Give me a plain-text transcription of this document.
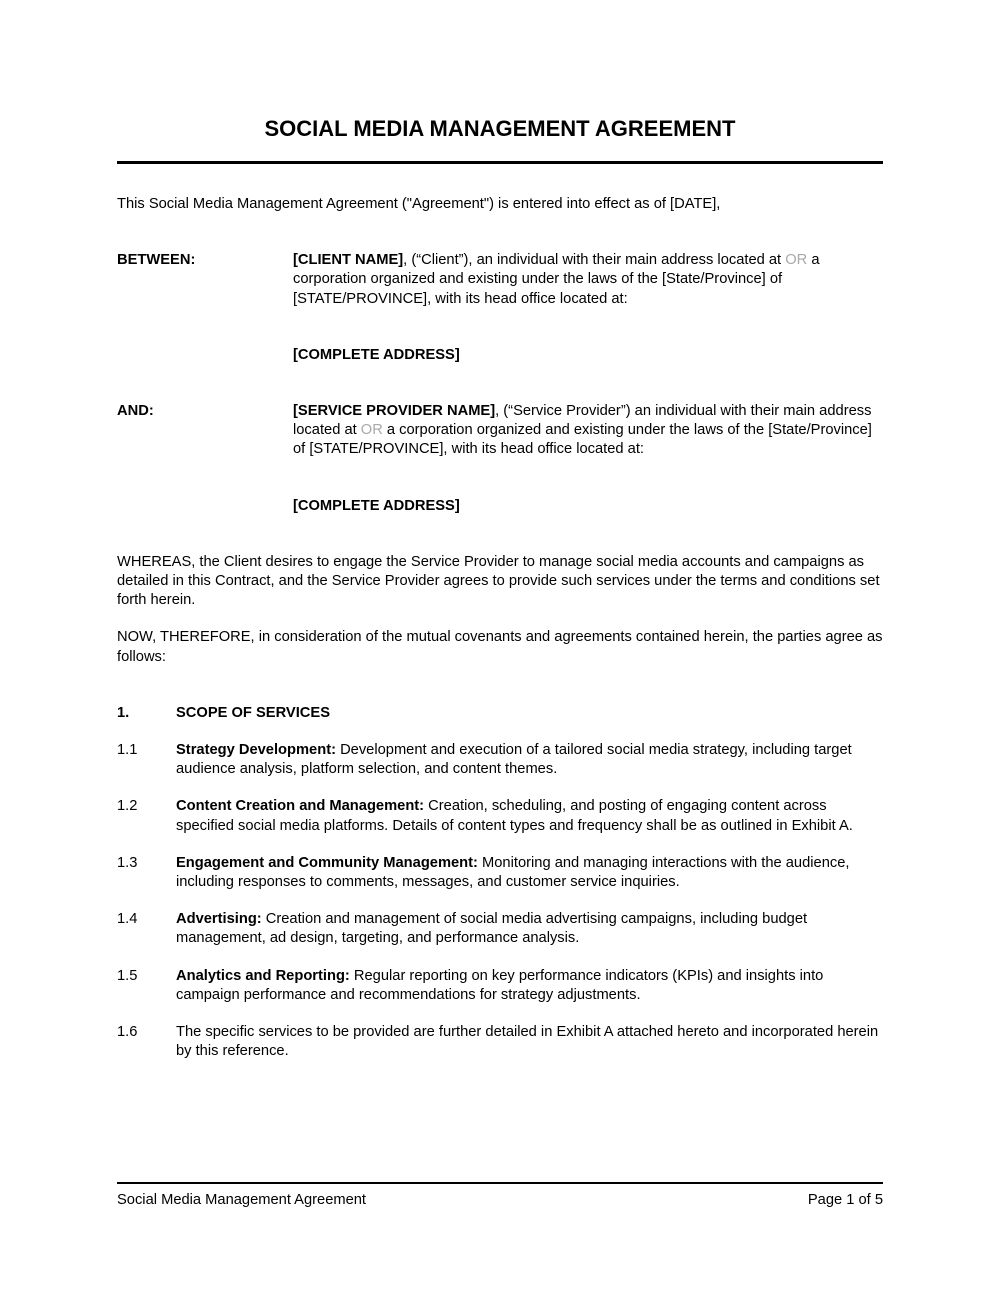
SOCIAL MEDIA MANAGEMENT AGREEMENT

This Social Media Management Agreement ("Agreement") is entered into effect as of [DATE],

BETWEEN:	[CLIENT NAME], (“Client”), an individual with their main address located at OR a corporation organized and existing under the laws of the [State/Province] of [STATE/PROVINCE], with its head office located at:
[COMPLETE ADDRESS]
AND:	[SERVICE PROVIDER NAME], (“Service Provider”) an individual with their main address located at OR a corporation organized and existing under the laws of the [State/Province] of [STATE/PROVINCE], with its head office located at:
[COMPLETE ADDRESS]

WHEREAS, the Client desires to engage the Service Provider to manage social media accounts and campaigns as detailed in this Contract, and the Service Provider agrees to provide such services under the terms and conditions set forth herein.

NOW, THEREFORE, in consideration of the mutual covenants and agreements contained herein, the parties agree as follows:

1.	SCOPE OF SERVICES
1.1	Strategy Development: Development and execution of a tailored social media strategy, including target audience analysis, platform selection, and content themes.
1.2	Content Creation and Management: Creation, scheduling, and posting of engaging content across specified social media platforms. Details of content types and frequency shall be as outlined in Exhibit A.
1.3	Engagement and Community Management: Monitoring and managing interactions with the audience, including responses to comments, messages, and customer service inquiries.
1.4	Advertising: Creation and management of social media advertising campaigns, including budget management, ad design, targeting, and performance analysis.
1.5	Analytics and Reporting: Regular reporting on key performance indicators (KPIs) and insights into campaign performance and recommendations for strategy adjustments.
1.6	The specific services to be provided are further detailed in Exhibit A attached hereto and incorporated herein by this reference.
Social Media Management Agreement	Page 1 of 5
